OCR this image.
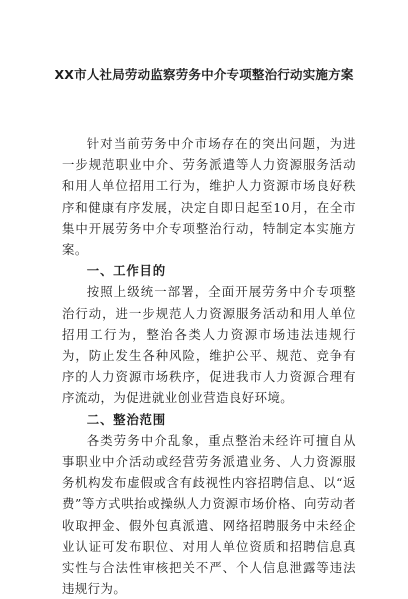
XX市人社局劳动监察劳务中介专项整治行动实施方案

针对当前劳务中介市场存在的突出问题，为进一步规范职业中介、劳务派遣等人力资源服务活动和用人单位招用工行为，维护人力资源市场良好秩序和健康有序发展，决定自即日起至10月，在全市集中开展劳务中介专项整治行动，特制定本实施方案。

一、工作目的

按照上级统一部署，全面开展劳务中介专项整治行动，进一步规范人力资源服务活动和用人单位招用工行为，整治各类人力资源市场违法违规行为，防止发生各种风险，维护公平、规范、竞争有序的人力资源市场秩序，促进我市人力资源合理有序流动，为促进就业创业营造良好环境。

二、整治范围

各类劳务中介乱象，重点整治未经许可擅自从事职业中介活动或经营劳务派遣业务、人力资源服务机构发布虚假或含有歧视性内容招聘信息、以“返费”等方式哄抬或操纵人力资源市场价格、向劳动者收取押金、假外包真派遣、网络招聘服务中未经企业认证可发布职位、对用人单位资质和招聘信息真实性与合法性审核把关不严、个人信息泄露等违法违规行为。
